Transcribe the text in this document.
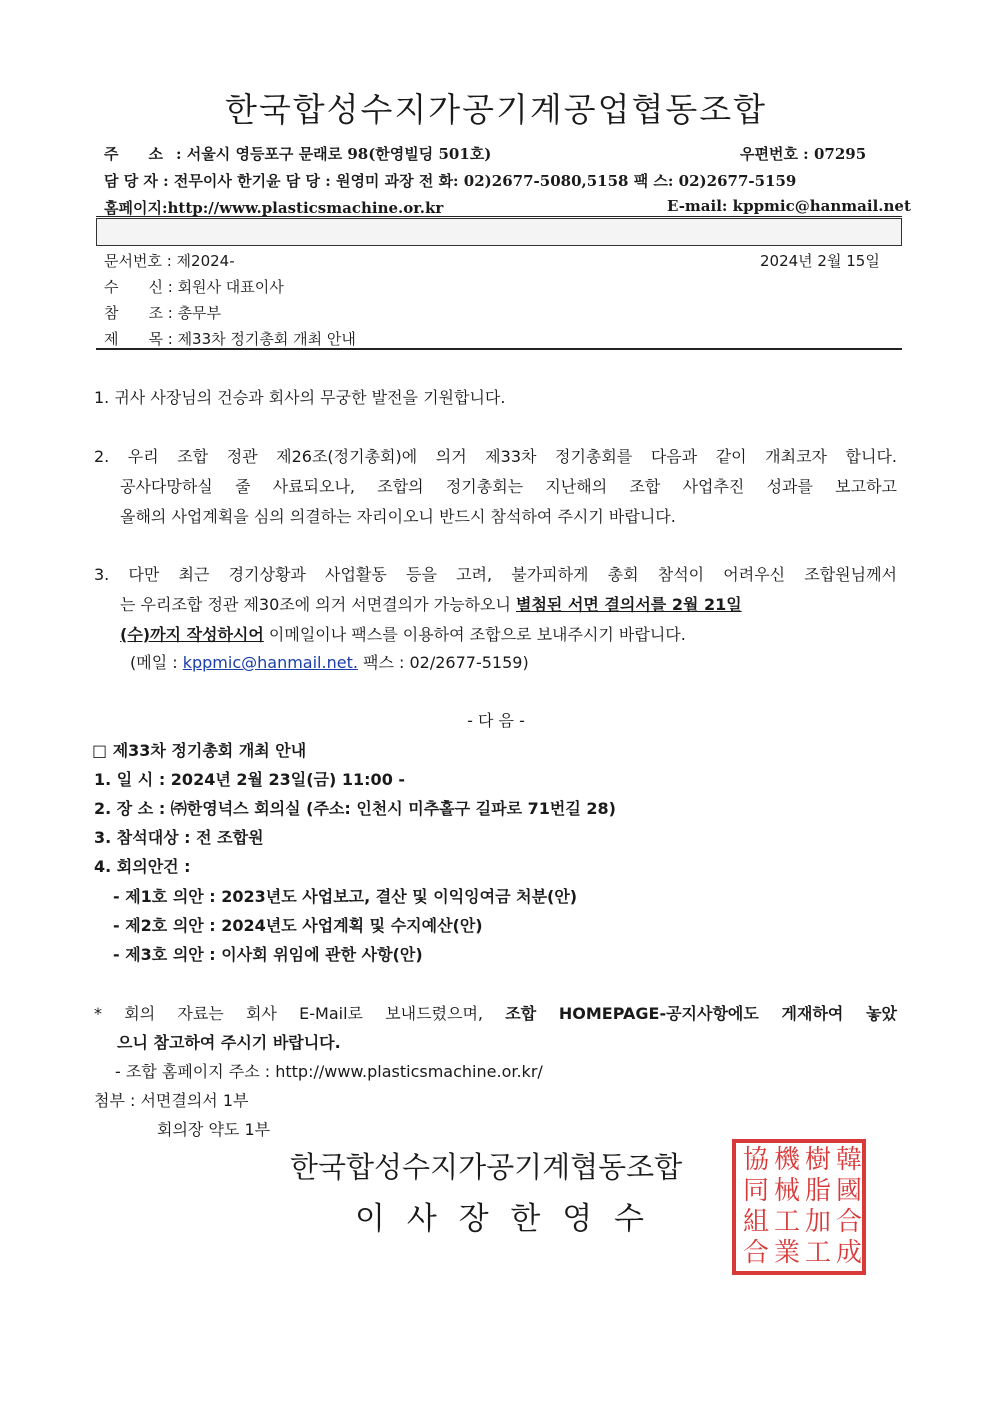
한국합성수지가공기계공업협동조합
주　　소 : 서울시 영등포구 문래로 98(한영빌딩 501호)	우편번호 : 07295
담 당 자 : 전무이사 한기윤 담 당 : 원영미 과장 전 화: 02)2677-5080,5158 팩 스: 02)2677-5159
홈페이지:http://www.plasticsmachine.or.kr	E-mail: kppmic@hanmail.net
문서번호 : 제2024-	2024년 2월 15일
수　　신 : 회원사 대표이사
참　　조 : 총무부
제　　목 : 제33차 정기총회 개최 안내
1. 귀사 사장님의 건승과 회사의 무궁한 발전을 기원합니다.
2. 우리 조합 정관 제26조(정기총회)에 의거 제33차 정기총회를 다음과 같이 개최코자 합니다.
공사다망하실 줄 사료되오나, 조합의 정기총회는 지난해의 조합 사업추진 성과를 보고하고
올해의 사업계획을 심의 의결하는 자리이오니 반드시 참석하여 주시기 바랍니다.
3. 다만 최근 경기상황과 사업활동 등을 고려, 불가피하게 총회 참석이 어려우신 조합원님께서
는 우리조합 정관 제30조에 의거 서면결의가 가능하오니 별첨된 서면 결의서를 2월 21일
(수)까지 작성하시어 이메일이나 팩스를 이용하여 조합으로 보내주시기 바랍니다.
(메일 : kppmic@hanmail.net. 팩스 : 02/2677-5159)
- 다 음 -
□ 제33차 정기총회 개최 안내
1. 일 시 : 2024년 2월 23일(금) 11:00 -
2. 장 소 : ㈜한영넉스 회의실 (주소: 인천시 미추홀구 길파로 71번길 28)
3. 참석대상 : 전 조합원
4. 회의안건 :
- 제1호 의안 : 2023년도 사업보고, 결산 및 이익잉여금 처분(안)
- 제2호 의안 : 2024년도 사업계획 및 수지예산(안)
- 제3호 의안 : 이사회 위임에 관한 사항(안)
* 회의 자료는 회사 E-Mail로 보내드렸으며, 조합 HOMEPAGE-공지사항에도 게재하여 놓았
으니 참고하여 주시기 바랍니다.
- 조합 홈페이지 주소 : http://www.plasticsmachine.or.kr/
첨부 : 서면결의서 1부
회의장 약도 1부
한국합성수지가공기계협동조합
이 사 장 한 영 수
韓
國
合
成
樹
脂
加
工
機
械
工
業
協
同
組
合
